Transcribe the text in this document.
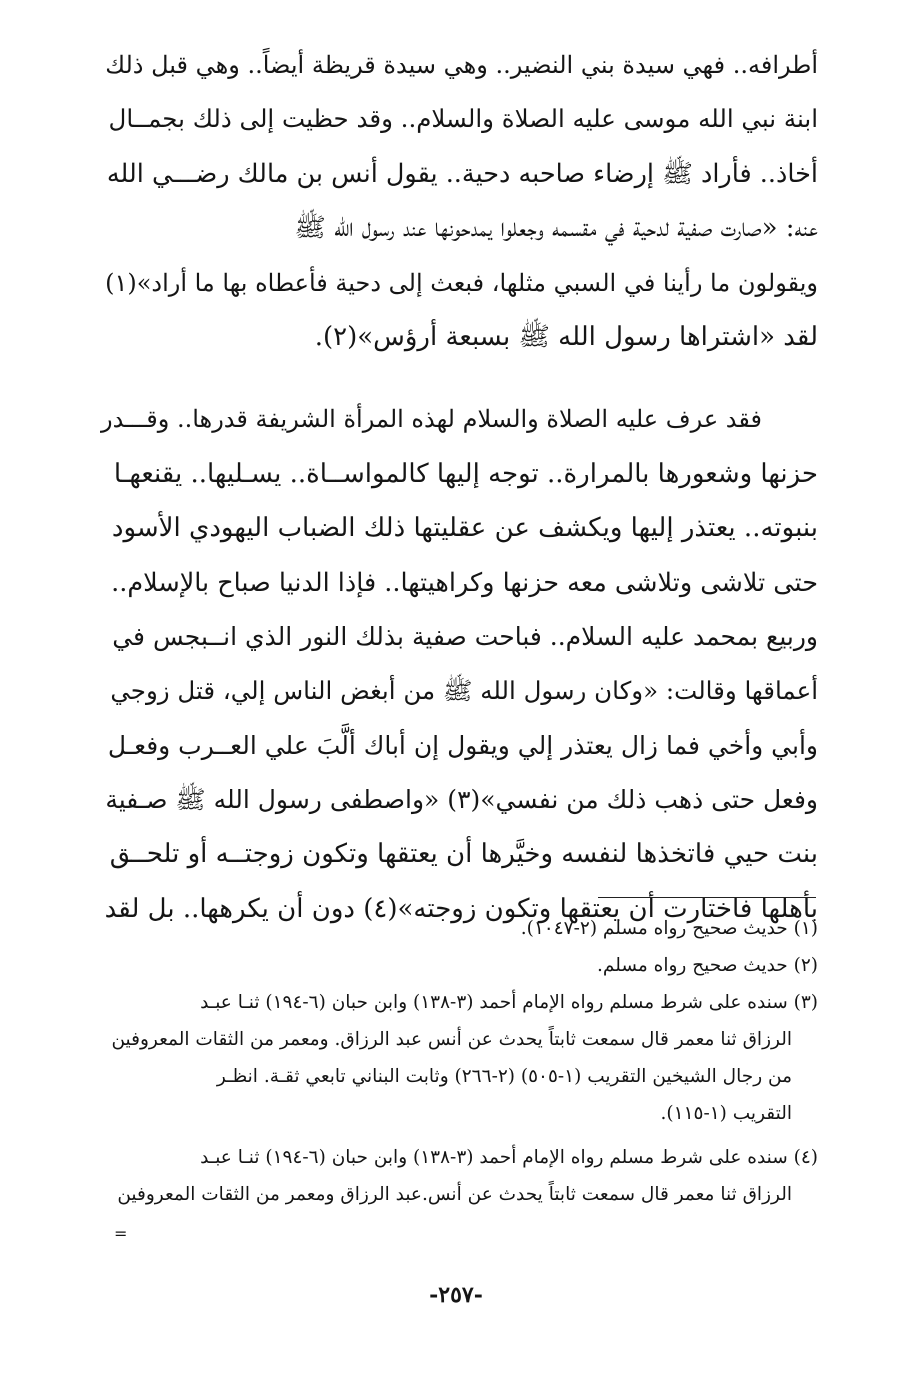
أطرافه.. فهي سيدة بني النضير.. وهي سيدة قريظة أيضاً.. وهي قبل ذلك
ابنة نبي الله موسى عليه الصلاة والسلام.. وقد حظيت إلى ذلك بجمــال
أخاذ.. فأراد ﷺ إرضاء صاحبه دحية.. يقول أنس بن مالك رضـــي الله
عنه: «صارت صفية لدحية في مقسمه وجعلوا يمدحونها عند رسول الله ﷺ
ويقولون ما رأينا في السبي مثلها، فبعث إلى دحية فأعطاه بها ما أراد»(١)
لقد «اشتراها رسول الله ﷺ بسبعة أرؤس»(٢).
فقد عرف عليه الصلاة والسلام لهذه المرأة الشريفة قدرها.. وقـــدر
حزنها وشعورها بالمرارة.. توجه إليها كالمواســاة.. يسـليها.. يقنعهـا
بنبوته.. يعتذر إليها ويكشف عن عقليتها ذلك الضباب اليهودي الأسود
حتى تلاشى وتلاشى معه حزنها وكراهيتها.. فإذا الدنيا صباح بالإسلام..
وربيع بمحمد عليه السلام.. فباحت صفية بذلك النور الذي انــبجس في
أعماقها وقالت: «وكان رسول الله ﷺ من أبغض الناس إلي، قتل زوجي
وأبي وأخي فما زال يعتذر إلي ويقول إن أباك ألَّبَ علي العــرب وفعـل
وفعل حتى ذهب ذلك من نفسي»(٣) «واصطفى رسول الله ﷺ صـفية
بنت حيي فاتخذها لنفسه وخيَّرها أن يعتقها وتكون زوجتــه أو تلحــق
بأهلها فاختارت أن يعتقها وتكون زوجته»(٤) دون أن يكرهها.. بل لقد
(١) حديث صحيح رواه مسلم (٢-١٠٤٧).
(٢) حديث صحيح رواه مسلم.
(٣) سنده على شرط مسلم رواه الإمام أحمد (٣-١٣٨) وابن حبان (٦-١٩٤) ثنـا عبـد
الرزاق ثنا معمر قال سمعت ثابتاً يحدث عن أنس عبد الرزاق. ومعمر من الثقات المعروفين
من رجال الشيخين التقريب (١-٥٠٥) (٢-٢٦٦) وثابت البناني تابعي ثقـة. انظـر
التقريب (١-١١٥).
(٤) سنده على شرط مسلم رواه الإمام أحمد (٣-١٣٨) وابن حبان (٦-١٩٤) ثنـا عبـد
الرزاق ثنا معمر قال سمعت ثابتاً يحدث عن أنس.عبد الرزاق ومعمر من الثقات المعروفين
=
-٢٥٧-
